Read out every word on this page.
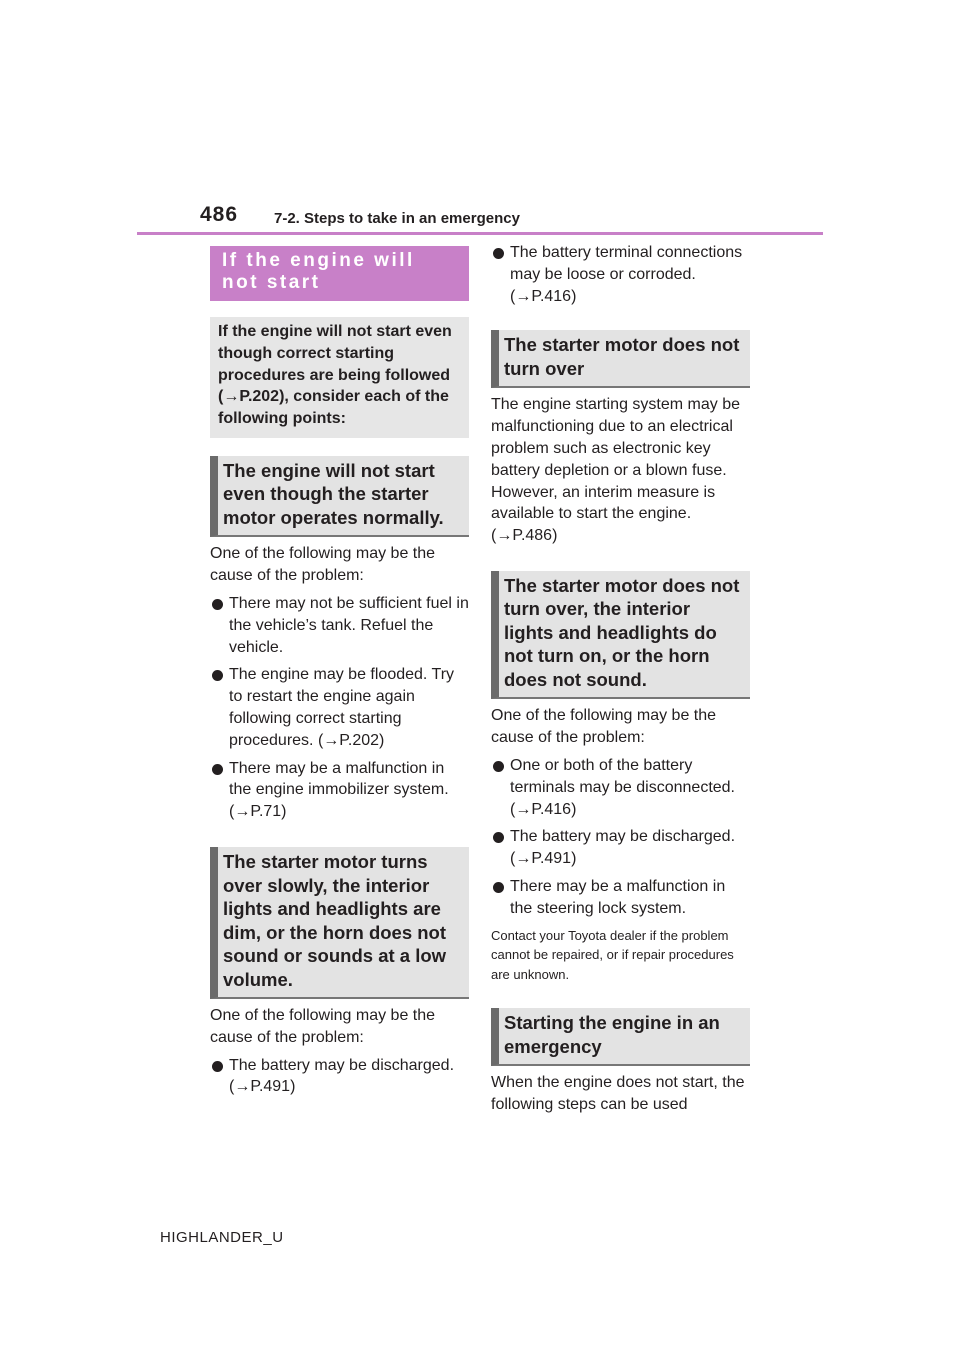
486 7-2. Steps to take in an emergency
If the engine will not start
If the engine will not start even though correct starting procedures are being followed (→P.202), consider each of the following points:
The engine will not start even though the starter motor operates normally.
One of the following may be the cause of the problem:
There may not be sufficient fuel in the vehicle’s tank. Refuel the vehicle.
The engine may be flooded. Try to restart the engine again following correct starting procedures. (→P.202)
There may be a malfunction in the engine immobilizer system. (→P.71)
The starter motor turns over slowly, the interior lights and headlights are dim, or the horn does not sound or sounds at a low volume.
One of the following may be the cause of the problem:
The battery may be discharged. (→P.491)
The battery terminal connections may be loose or corroded. (→P.416)
The starter motor does not turn over
The engine starting system may be malfunctioning due to an electrical problem such as electronic key battery depletion or a blown fuse. However, an interim measure is available to start the engine. (→P.486)
The starter motor does not turn over, the interior lights and headlights do not turn on, or the horn does not sound.
One of the following may be the cause of the problem:
One or both of the battery terminals may be disconnected. (→P.416)
The battery may be discharged. (→P.491)
There may be a malfunction in the steering lock system.
Contact your Toyota dealer if the problem cannot be repaired, or if repair procedures are unknown.
Starting the engine in an emergency
When the engine does not start, the following steps can be used
HIGHLANDER_U
